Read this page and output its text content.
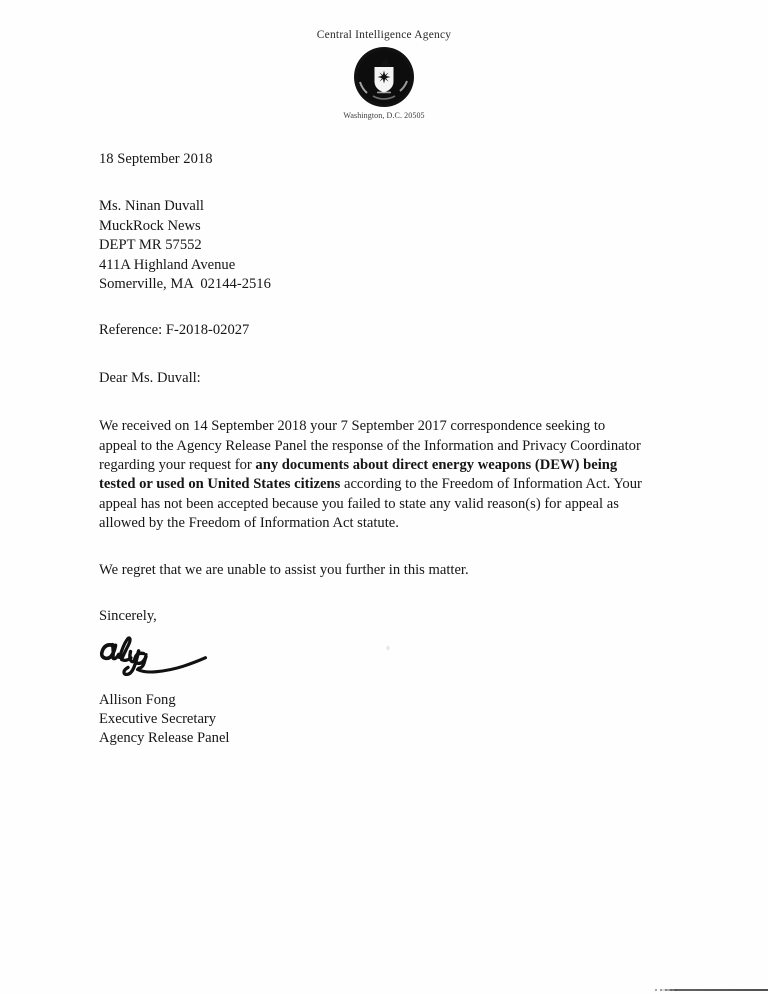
Central Intelligence Agency
Washington, D.C. 20505
18 September 2018
Ms. Ninan Duvall
MuckRock News
DEPT MR 57552
411A Highland Avenue
Somerville, MA  02144-2516
Reference: F-2018-02027
Dear Ms. Duvall:

We received on 14 September 2018 your 7 September 2017 correspondence seeking to appeal to the Agency Release Panel the response of the Information and Privacy Coordinator regarding your request for any documents about direct energy weapons (DEW) being tested or used on United States citizens according to the Freedom of Information Act. Your appeal has not been accepted because you failed to state any valid reason(s) for appeal as allowed by the Freedom of Information Act statute.

We regret that we are unable to assist you further in this matter.

Sincerely,
Allison Fong
Executive Secretary
Agency Release Panel
